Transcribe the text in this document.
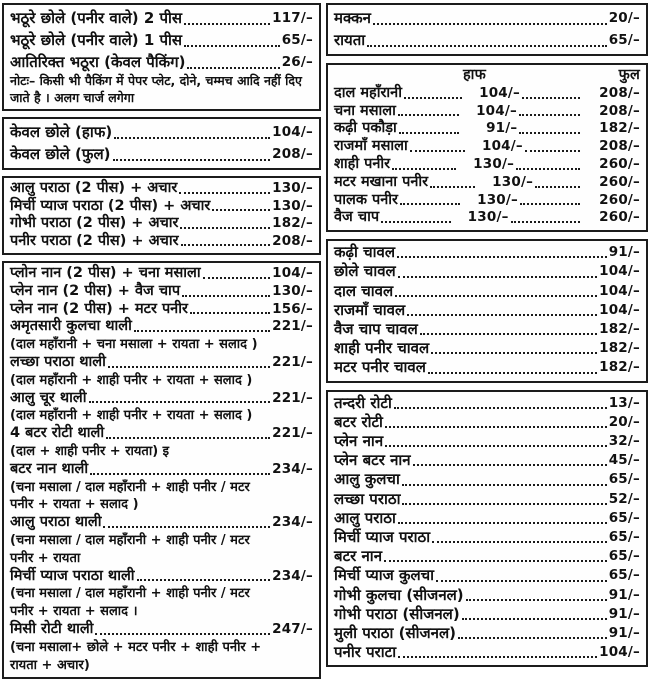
भठूरे छोले (पनीर वाले) 2 पीस	117/–
भठूरे छोले (पनीर वाले) 1 पीस	65/–
आतिरिक्त भठूरा (केवल पैकिंग)	26/–
नोटः– किसी भी पैकिंग में पेपर प्लेट, दोने, चम्मच आदि नहीं दिए जाते है । अलग चार्ज लगेगा
केवल छोले (हाफ)	104/–
केवल छोले (फुल)	208/–
आलु पराठा (2 पीस) + अचार	130/–
मिर्ची प्याज पराठा (2 पीस) + अचार	130/–
गोभी पराठा (2 पीस) + अचार	182/–
पनीर पराठा (2 पीस) + अचार	208/–
प्लोन नान (2 पीस) + चना मसाला	104/–
प्लेन नान (2 पीस) + वैज चाप	130/–
प्लेन नान (2 पीस) + मटर पनीर	156/–
अमृतसारी कुलचा थाली	221/–
(दाल महाँरानी + चना मसाला + रायता + सलाद )
लच्छा पराठा थाली	221/–
(दाल महाँरानी + शाही पनीर + रायता + सलाद )
आलु चूर थाली	221/–
(दाल महाँरानी + शाही पनीर + रायता + सलाद )
4 बटर रोटी थाली	221/–
(दाल + शाही पनीर + रायता) इ
बटर नान थाली	234/–
(चना मसाला / दाल महाँरानी + शाही पनीर / मटर
पनीर + रायता + सलाद )
आलु पराठा थाली	234/–
(चना मसाला / दाल महाँरानी + शाही पनीर / मटर
पनीर + रायता
मिर्ची प्याज पराठा थाली	234/–
(चना मसाला / दाल महाँरानी + शाही पनीर / मटर
पनीर + रायता + सलाद ।
मिसी रोटी थाली	247/–
(चना मसाला+ छोले + मटर पनीर + शाही पनीर +
रायता + अचार)
मक्कन	20/–
रायता	65/–
हाफ	फुल
दाल महाँरानी	104/–	208/–
चना मसाला	104/–	208/–
कढ़ी पकौड़ा	91/–	182/–
राजमाँ मसाला	104/–	208/–
शाही पनीर	130/–	260/–
मटर मखाना पनीर	130/–	260/–
पालक पनीर	130/–	260/–
वैज चाप	130/–	260/–
कढ़ी चावल	91/–
छोले चावल	104/–
दाल चावल	104/–
राजमाँ चावल	104/–
वैज चाप चावल	182/–
शाही पनीर चावल	182/–
मटर पनीर चावल	182/–
तन्दरी रोटी	13/–
बटर रोटी	20/–
प्लेन नान	32/–
प्लेन बटर नान	45/–
आलु कुलचा	65/–
लच्छा पराठा	52/–
आलु पराठा	65/–
मिर्ची प्याज पराठा	65/–
बटर नान	65/–
मिर्ची प्याज कुलचा	65/–
गोभी कुलचा (सीजनल)	91/–
गोभी पराठा (सीजनल)	91/–
मुली पराठा (सीजनल)	91/–
पनीर पराटा	104/–
